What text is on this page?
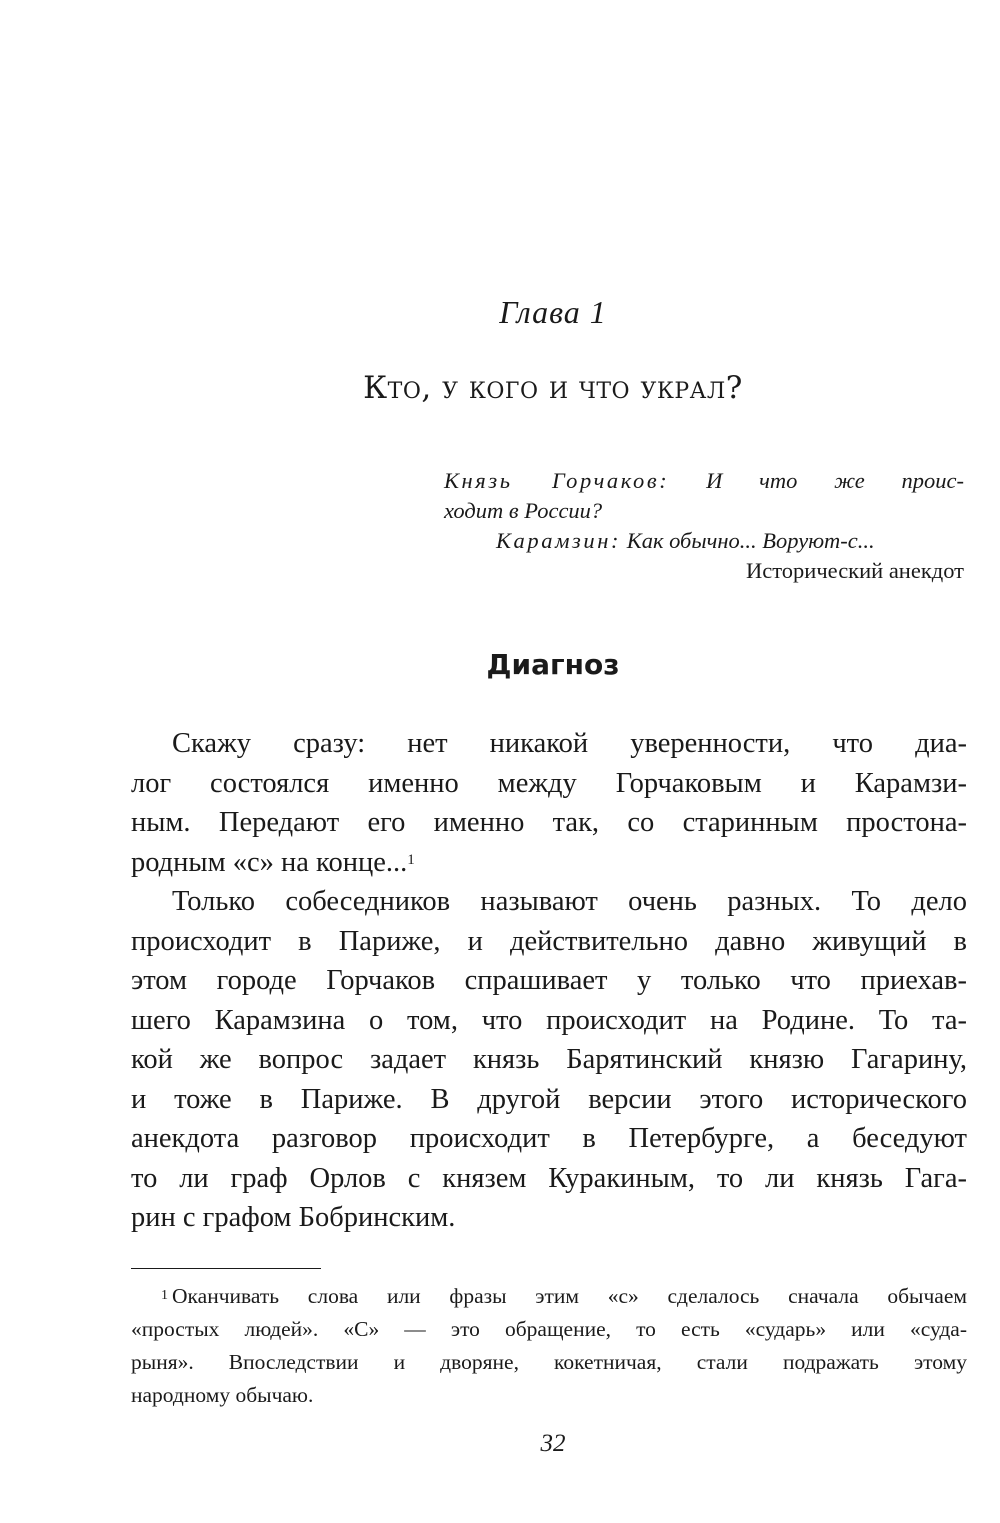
Глава 1
Кто, у кого и что украл?
Князь Горчаков: И что же проис-
ходит в России?
Карамзин: Как обычно... Воруют-с...
Исторический анекдот
Диагноз

Скажу сразу: нет никакой уверенности, что диа-
лог состоялся именно между Горчаковым и Карамзи-
ным. Передают его именно так, со старинным простона-
родным «с» на конце...$^1$

Только собеседников называют очень разных. То дело
происходит в Париже, и действительно давно живущий в
этом городе Горчаков спрашивает у только что приехав-
шего Карамзина о том, что происходит на Родине. То та-
кой же вопрос задает князь Барятинский князю Гагарину,
и тоже в Париже. В другой версии этого исторического
анекдота разговор происходит в Петербурге, а беседуют
то ли граф Орлов с князем Куракиным, то ли князь Гага-
рин с графом Бобринским.

$^1$ Оканчивать слова или фразы этим «с» сделалось сначала обычаем
«простых людей». «С» — это обращение, то есть «сударь» или «суда-
рыня». Впоследствии и дворяне, кокетничая, стали подражать этому
народному обычаю.
32
